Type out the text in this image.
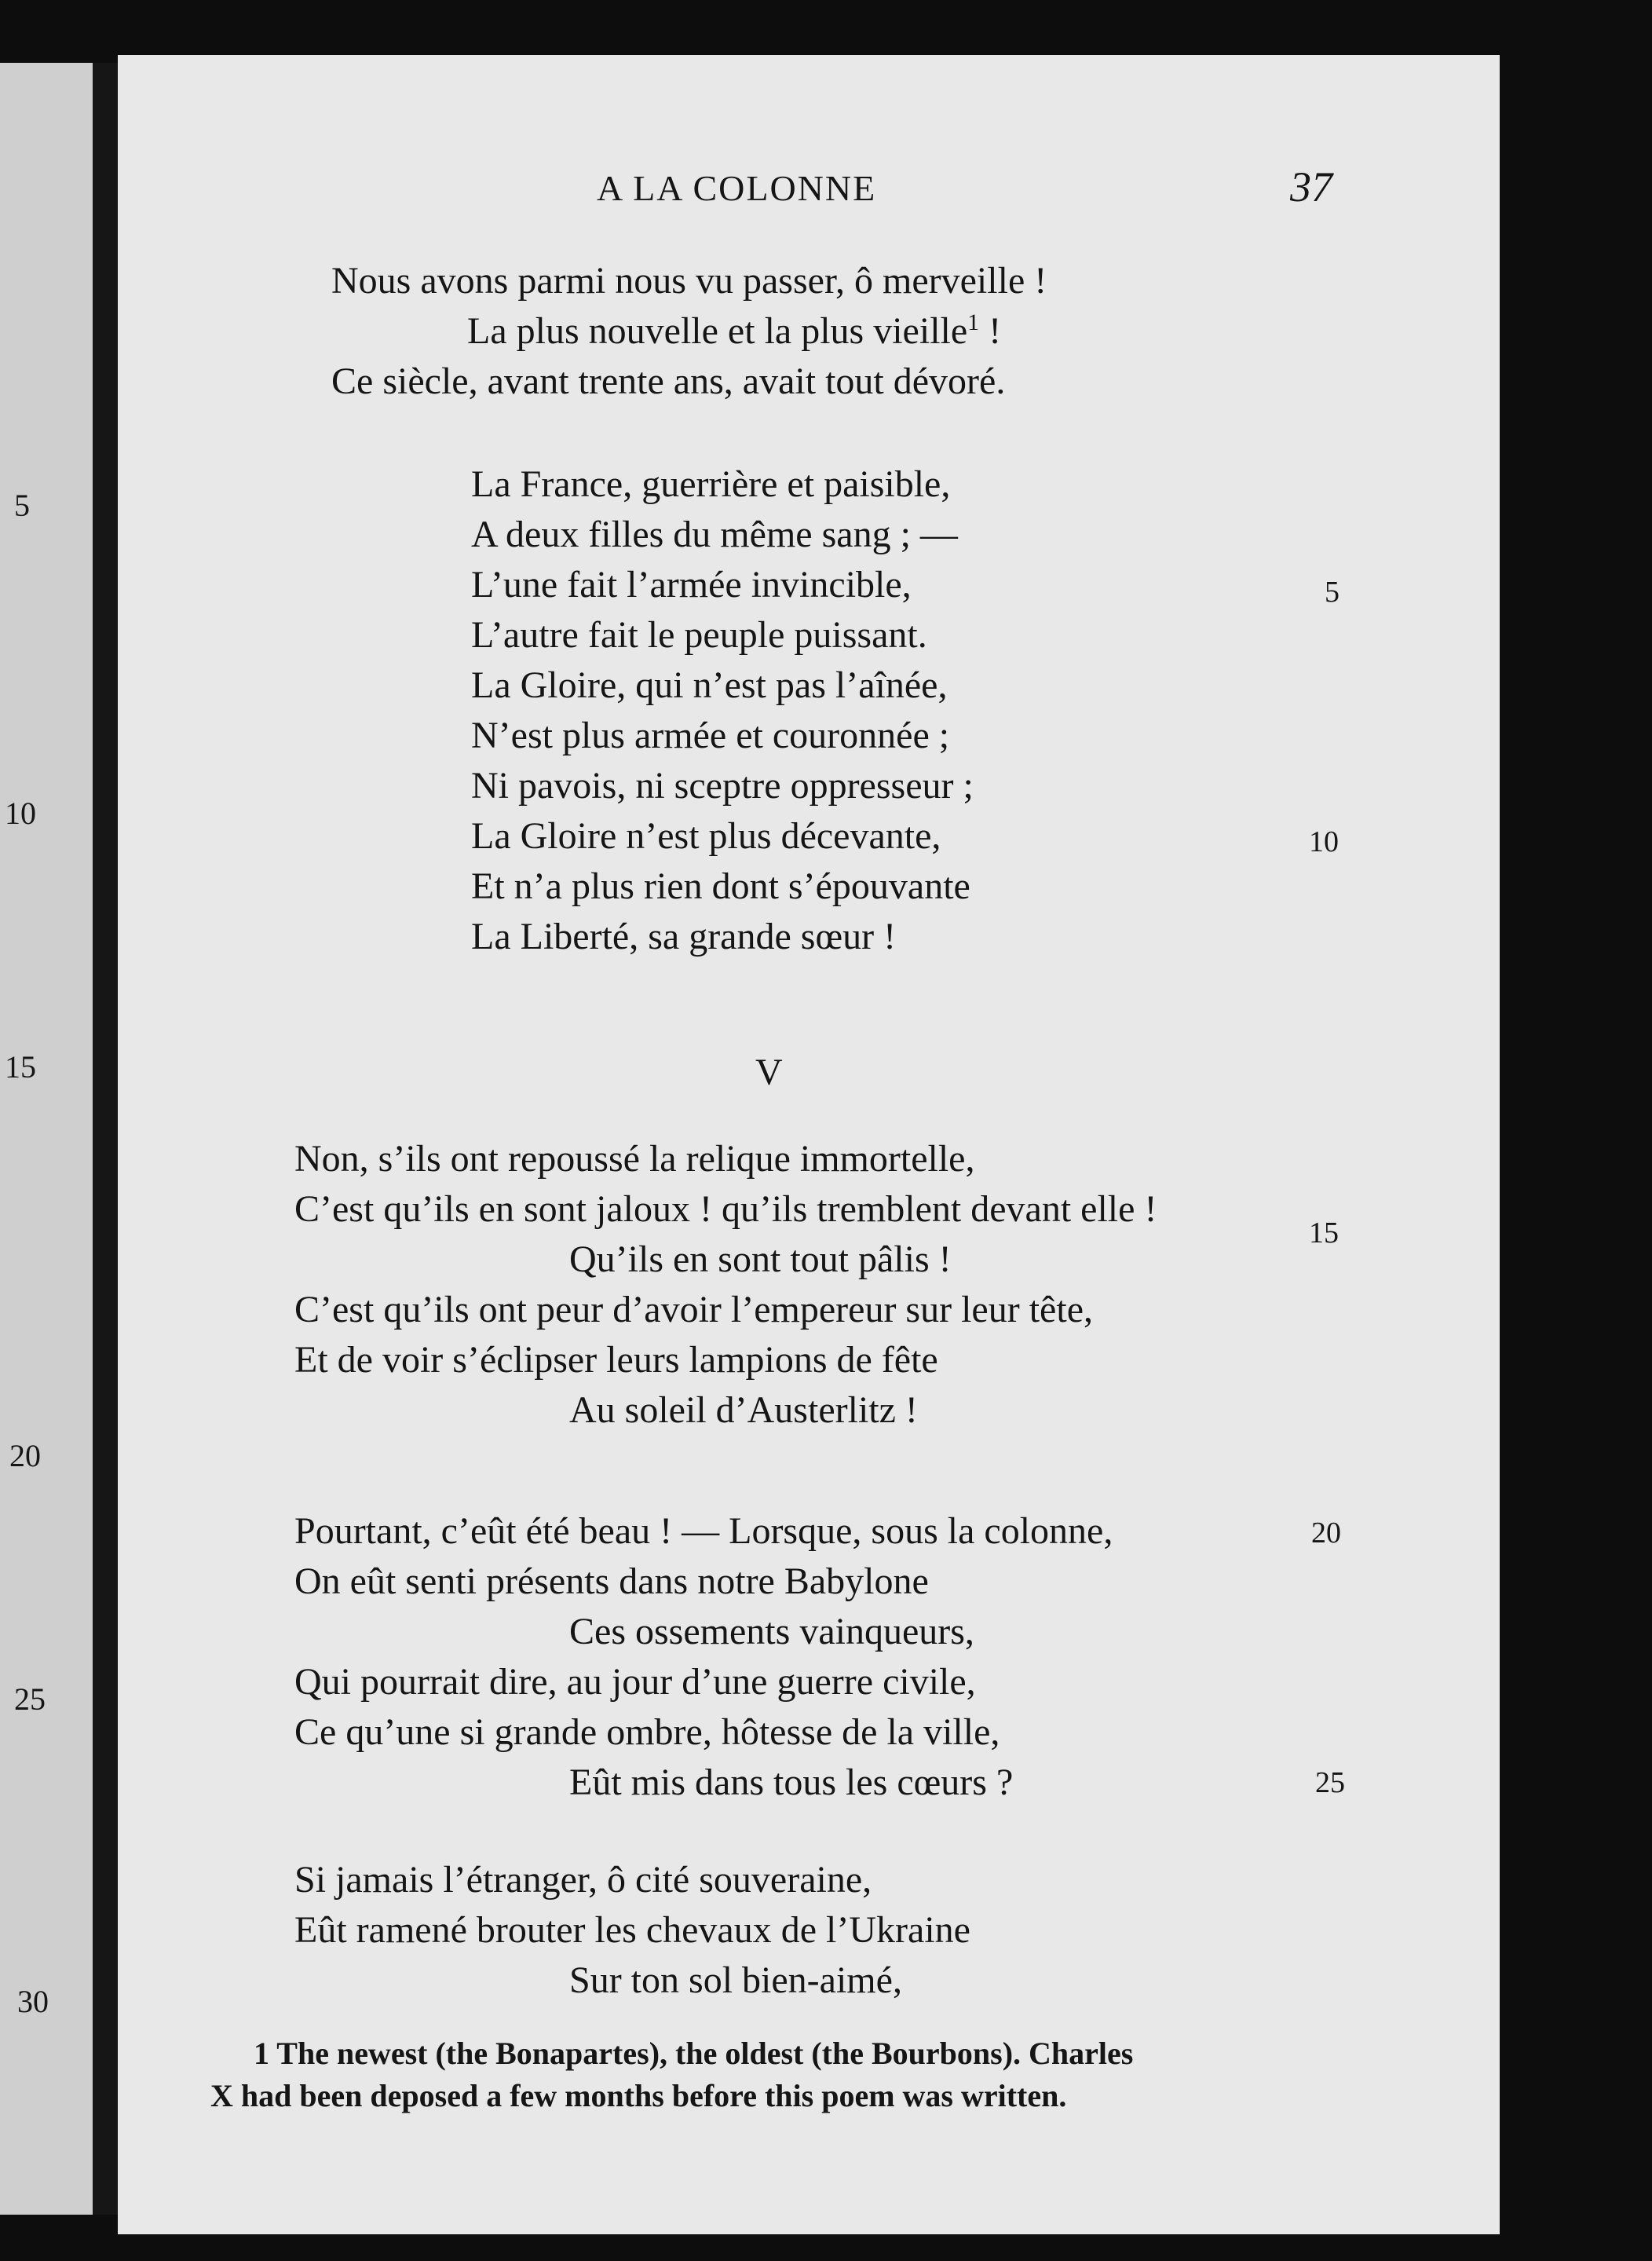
5
10
15
20
25
30
A LA COLONNE	37
Nous avons parmi nous vu passer, ô merveille !
La plus nouvelle et la plus vieille$^1$ !
Ce siècle, avant trente ans, avait tout dévoré.
La France, guerrière et paisible,
A deux filles du même sang ; —
L’une fait l’armée invincible,
L’autre fait le peuple puissant.
La Gloire, qui n’est pas l’aînée,
N’est plus armée et couronnée ;
Ni pavois, ni sceptre oppresseur ;
La Gloire n’est plus décevante,
Et n’a plus rien dont s’épouvante
La Liberté, sa grande sœur !
V
Non, s’ils ont repoussé la relique immortelle,
C’est qu’ils en sont jaloux ! qu’ils tremblent devant elle !
Qu’ils en sont tout pâlis !
C’est qu’ils ont peur d’avoir l’empereur sur leur tête,
Et de voir s’éclipser leurs lampions de fête
Au soleil d’Austerlitz !
Pourtant, c’eût été beau ! — Lorsque, sous la colonne,
On eût senti présents dans notre Babylone
Ces ossements vainqueurs,
Qui pourrait dire, au jour d’une guerre civile,
Ce qu’une si grande ombre, hôtesse de la ville,
Eût mis dans tous les cœurs ?
Si jamais l’étranger, ô cité souveraine,
Eût ramené brouter les chevaux de l’Ukraine
Sur ton sol bien-aimé,
5
10
15
20
25
1 The newest (the Bonapartes), the oldest (the Bourbons). Charles
X had been deposed a few months before this poem was written.
